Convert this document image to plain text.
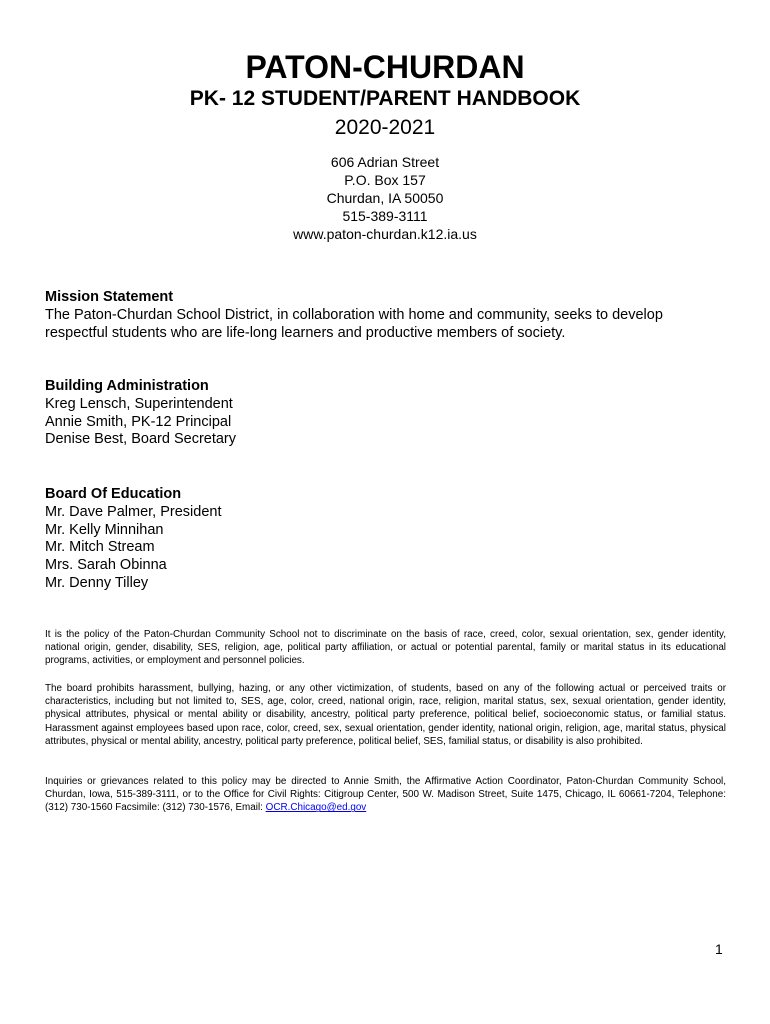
PATON-CHURDAN
PK- 12 STUDENT/PARENT HANDBOOK
2020-2021
606 Adrian Street
P.O. Box 157
Churdan, IA 50050
515-389-3111
www.paton-churdan.k12.ia.us
Mission Statement
The Paton-Churdan School District, in collaboration with home and community, seeks to develop respectful students who are life-long learners and productive members of society.
Building Administration
Kreg Lensch, Superintendent
Annie Smith, PK-12 Principal
Denise Best, Board Secretary
Board Of Education
Mr. Dave Palmer, President
Mr. Kelly Minnihan
Mr. Mitch Stream
Mrs. Sarah Obinna
Mr. Denny Tilley
It is the policy of the Paton-Churdan Community School not to discriminate on the basis of race, creed, color, sexual orientation, sex, gender identity, national origin, gender, disability, SES, religion, age, political party affiliation, or actual or potential parental, family or marital status in its educational programs, activities, or employment and personnel policies.
The board prohibits harassment, bullying, hazing, or any other victimization, of students, based on any of the following actual or perceived traits or characteristics, including but not limited to, SES, age, color, creed, national origin, race, religion, marital status, sex, sexual orientation, gender identity, physical attributes, physical or mental ability or disability, ancestry, political party preference, political belief, socioeconomic status, or familial status. Harassment against employees based upon race, color, creed, sex, sexual orientation, gender identity, national origin, religion, age, marital status, physical attributes, physical or mental ability, ancestry, political party preference, political belief, SES, familial status, or disability is also prohibited.
Inquiries or grievances related to this policy may be directed to Annie Smith, the Affirmative Action Coordinator, Paton-Churdan Community School, Churdan, Iowa, 515-389-3111, or to the Office for Civil Rights: Citigroup Center, 500 W. Madison Street, Suite 1475, Chicago, IL 60661-7204, Telephone: (312) 730-1560 Facsimile: (312) 730-1576, Email: OCR.Chicago@ed.gov
1
